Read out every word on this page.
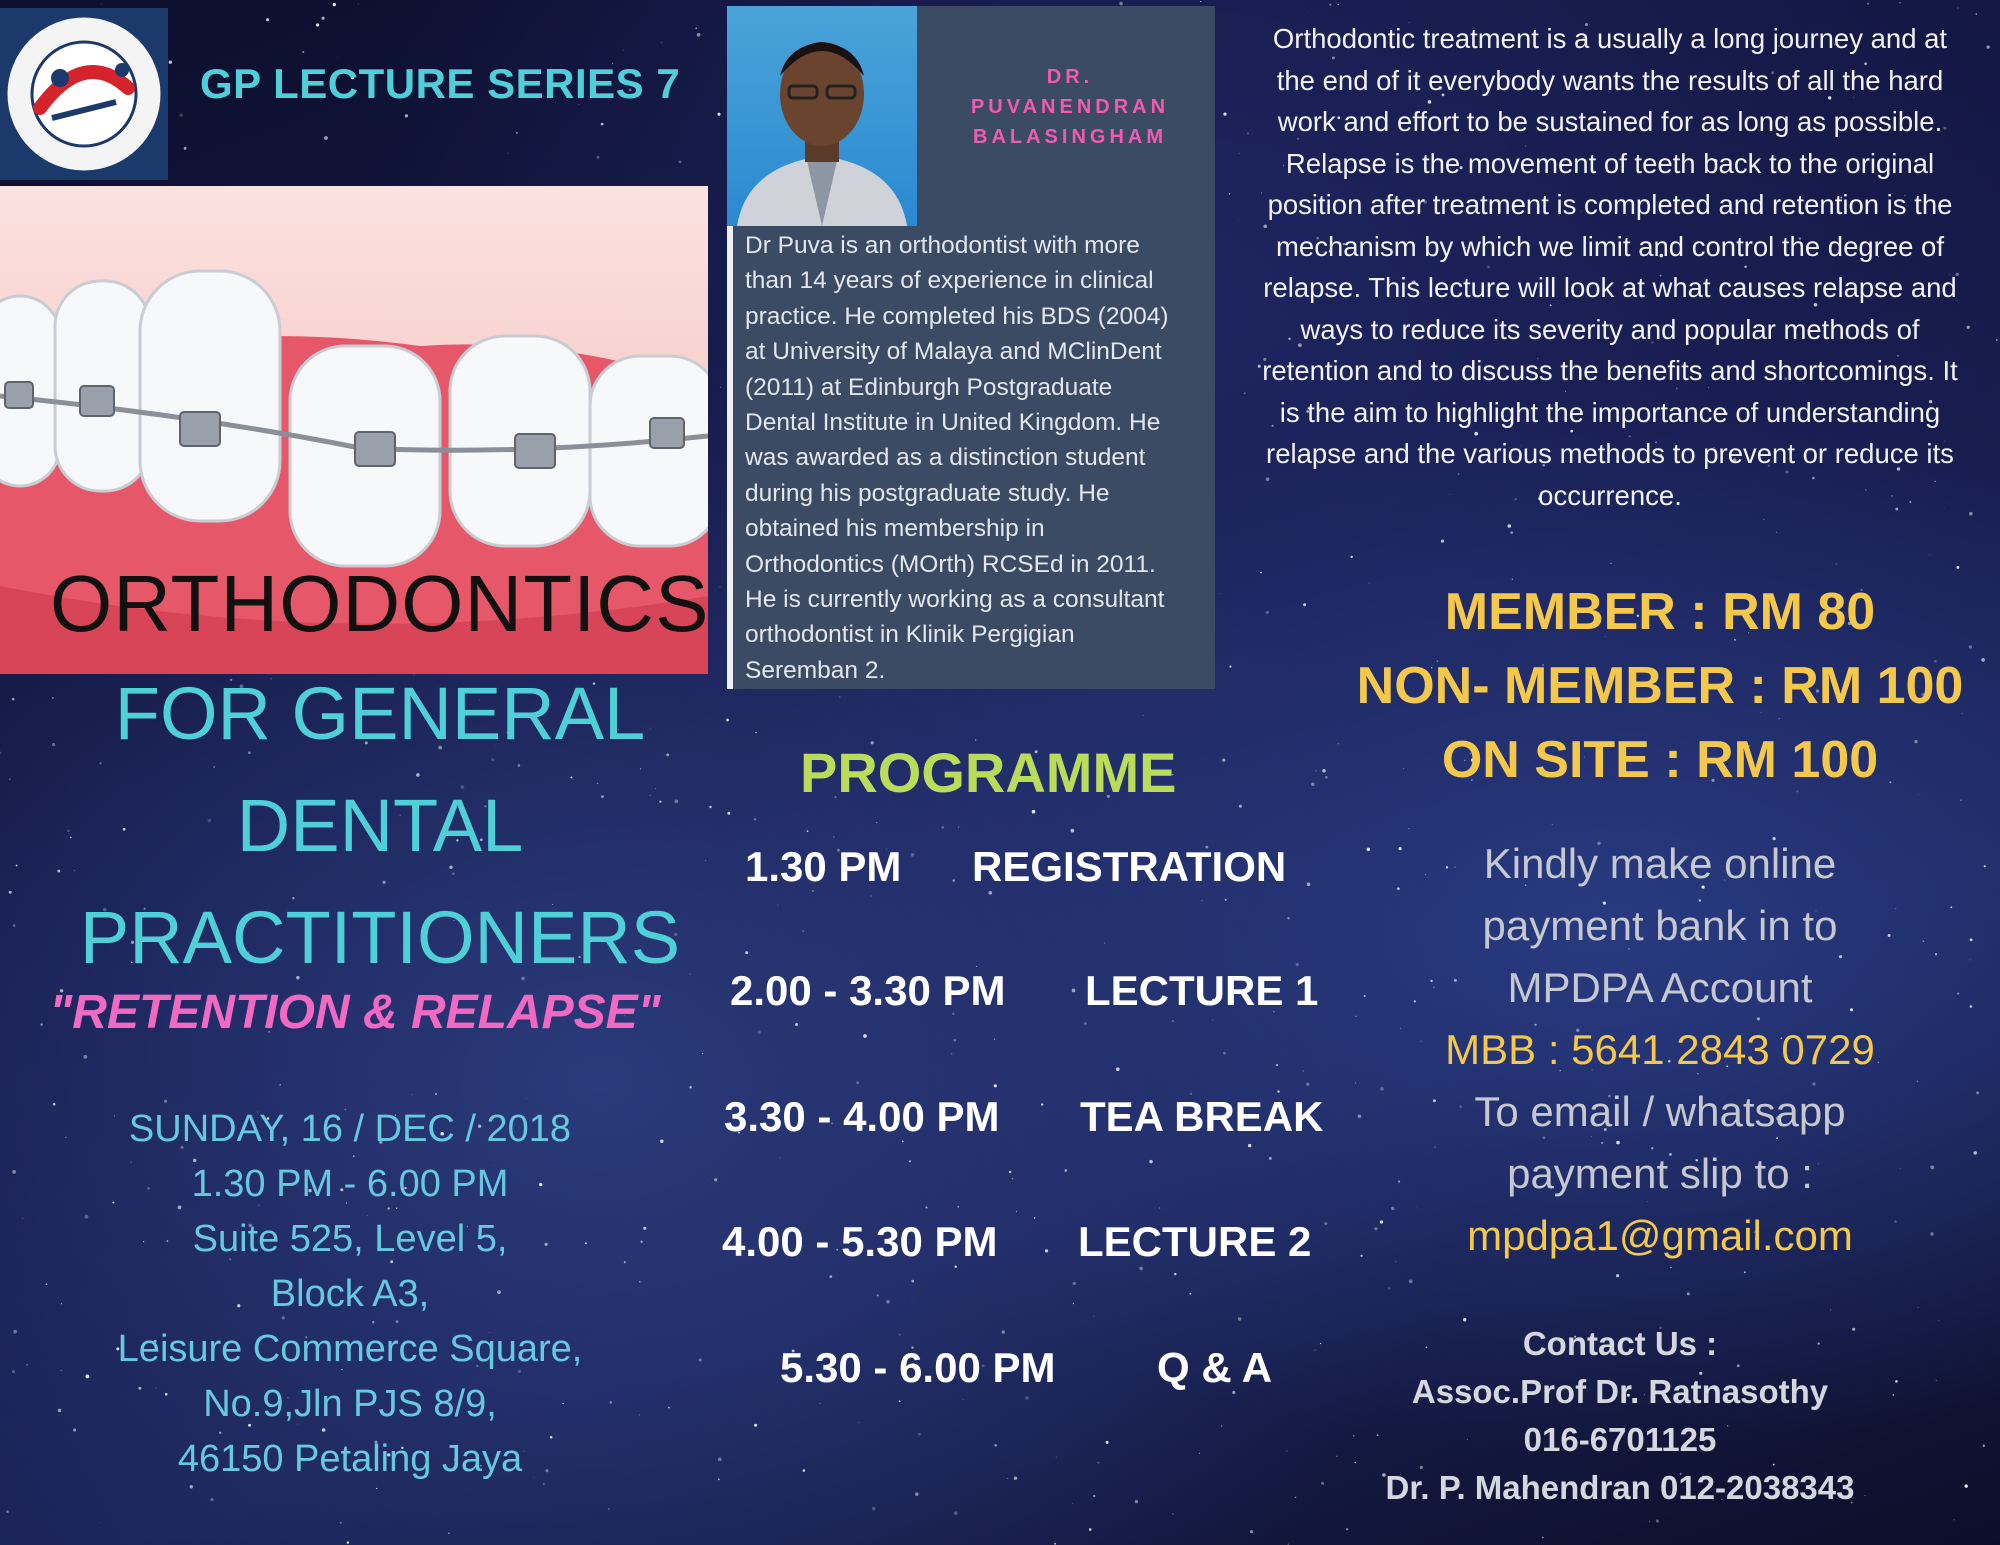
GP LECTURE SERIES 7
ORTHODONTICS
FOR GENERAL
DENTAL
PRACTITIONERS
"RETENTION & RELAPSE"
SUNDAY, 16 / DEC / 2018
1.30 PM - 6.00 PM
Suite 525, Level 5,
Block A3,
Leisure Commerce Square,
No.9,Jln PJS 8/9,
46150 Petaling Jaya
DR.
PUVANENDRAN
BALASINGHAM
Dr Puva is an orthodontist with more
than 14 years of experience in clinical
practice. He completed his BDS (2004)
at University of Malaya and MClinDent
(2011) at Edinburgh Postgraduate
Dental Institute in United Kingdom. He
was awarded as a distinction student
during his postgraduate study. He
obtained his membership in
Orthodontics (MOrth) RCSEd in 2011.
He is currently working as a consultant
orthodontist in Klinik Pergigian
Seremban 2.
Orthodontic treatment is a usually a long journey and at
the end of it everybody wants the results of all the hard
work and effort to be sustained for as long as possible.
Relapse is the movement of teeth back to the original
position after treatment is completed and retention is the
mechanism by which we limit and control the degree of
relapse. This lecture will look at what causes relapse and
ways to reduce its severity and popular methods of
retention and to discuss the benefits and shortcomings. It
is the aim to highlight the importance of understanding
relapse and the various methods to prevent or reduce its
occurrence.
MEMBER : RM 80
NON- MEMBER : RM 100
ON SITE : RM 100
PROGRAMME
1.30 PM REGISTRATION
2.00 - 3.30 PM LECTURE 1
3.30 - 4.00 PM TEA BREAK
4.00 - 5.30 PM LECTURE 2
5.30 - 6.00 PM Q & A
Kindly make online
payment bank in to
MPDPA Account
MBB : 5641 2843 0729
To email / whatsapp
payment slip to :
mpdpa1@gmail.com
Contact Us :
Assoc.Prof Dr. Ratnasothy
016-6701125
Dr. P. Mahendran 012-2038343
